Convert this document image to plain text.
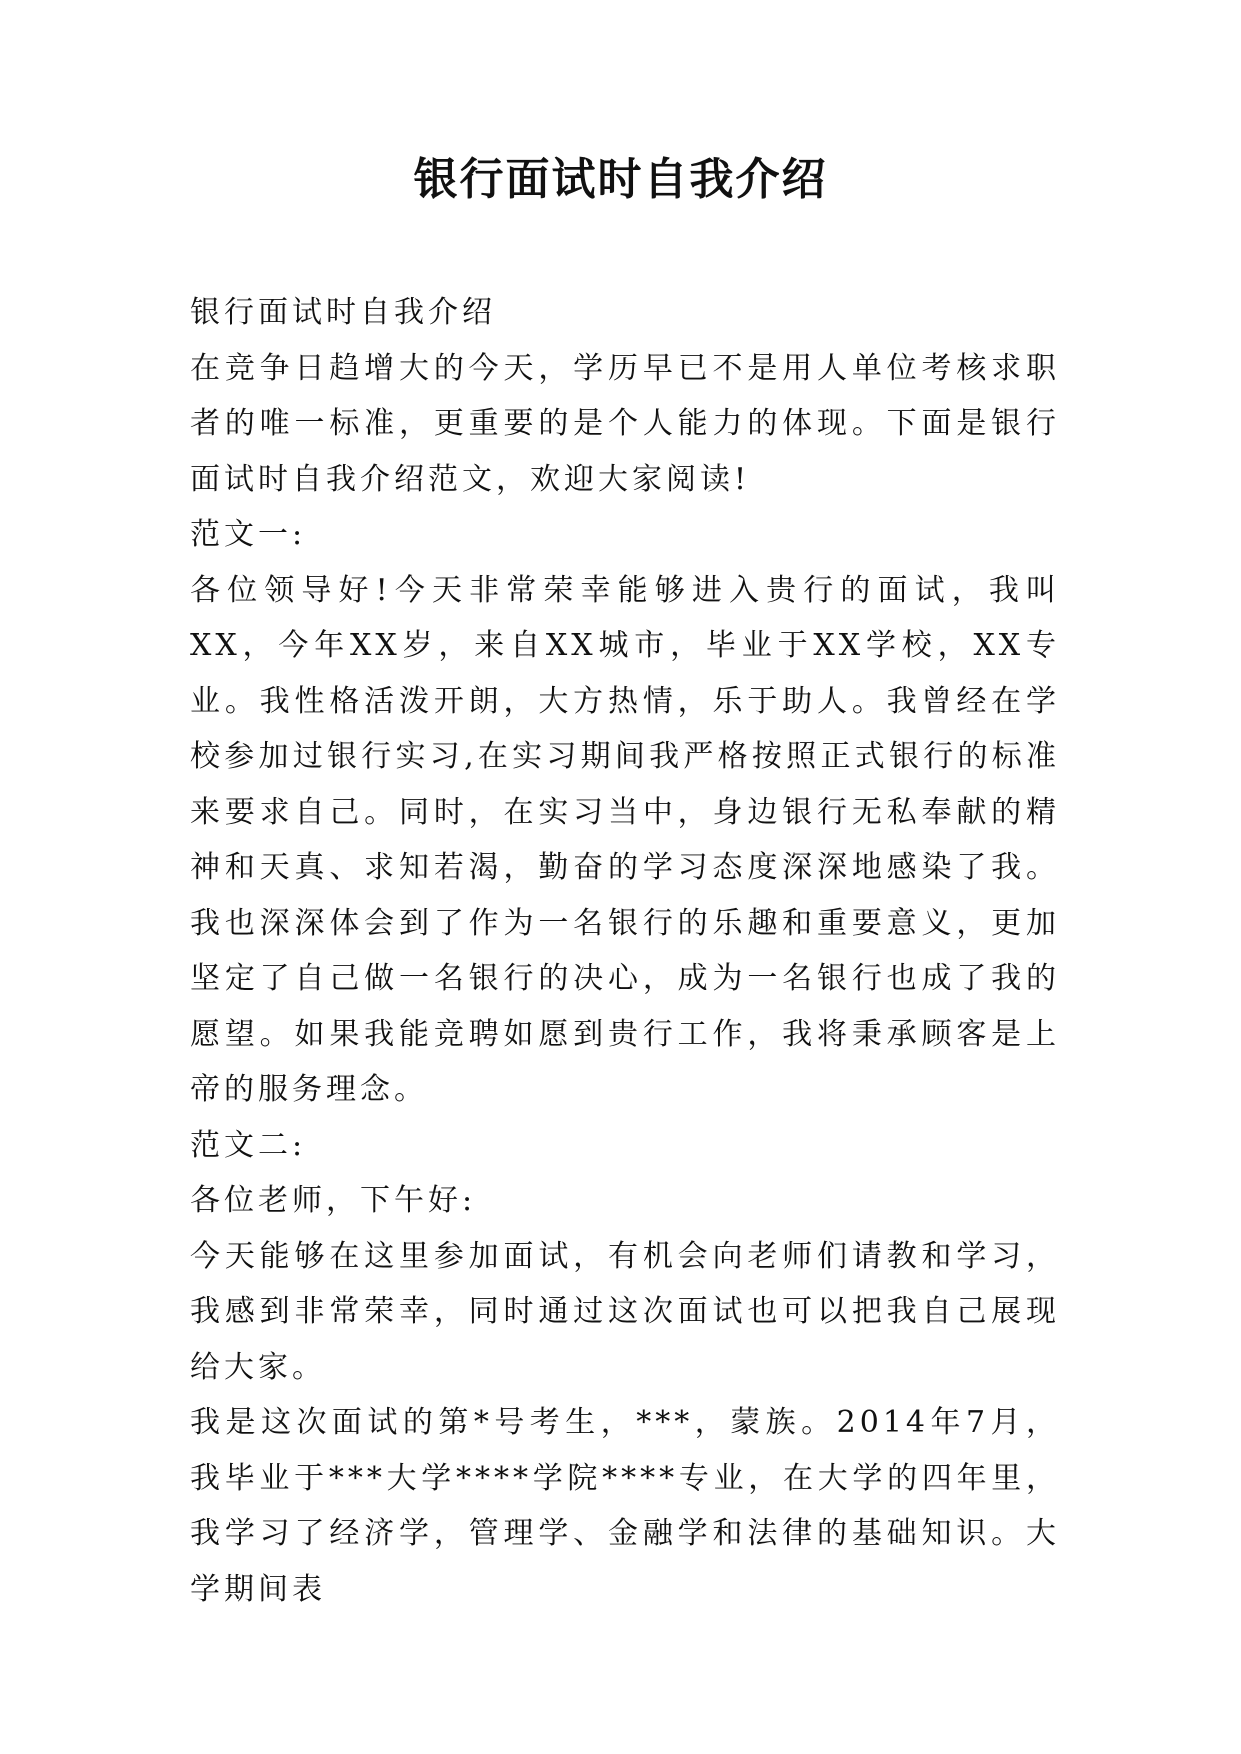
银行面试时自我介绍

银行面试时自我介绍

在竞争日趋增大的今天，学历早已不是用人单位考核求职者的唯一标准，更重要的是个人能力的体现。下面是银行面试时自我介绍范文，欢迎大家阅读!

范文一:

各位领导好!今天非常荣幸能够进入贵行的面试，我叫XX，今年XX岁，来自XX城市，毕业于XX学校，XX专业。我性格活泼开朗，大方热情，乐于助人。我曾经在学校参加过银行实习,在实习期间我严格按照正式银行的标准来要求自己。同时，在实习当中，身边银行无私奉献的精神和天真、求知若渴，勤奋的学习态度深深地感染了我。我也深深体会到了作为一名银行的乐趣和重要意义，更加坚定了自己做一名银行的决心，成为一名银行也成了我的愿望。如果我能竞聘如愿到贵行工作，我将秉承顾客是上帝的服务理念。

范文二:

各位老师，下午好:

今天能够在这里参加面试，有机会向老师们请教和学习，我感到非常荣幸，同时通过这次面试也可以把我自己展现给大家。

我是这次面试的第*号考生，***，蒙族。2014年7月，我毕业于***大学****学院****专业，在大学的四年里，我学习了经济学，管理学、金融学和法律的基础知识。大学期间表
